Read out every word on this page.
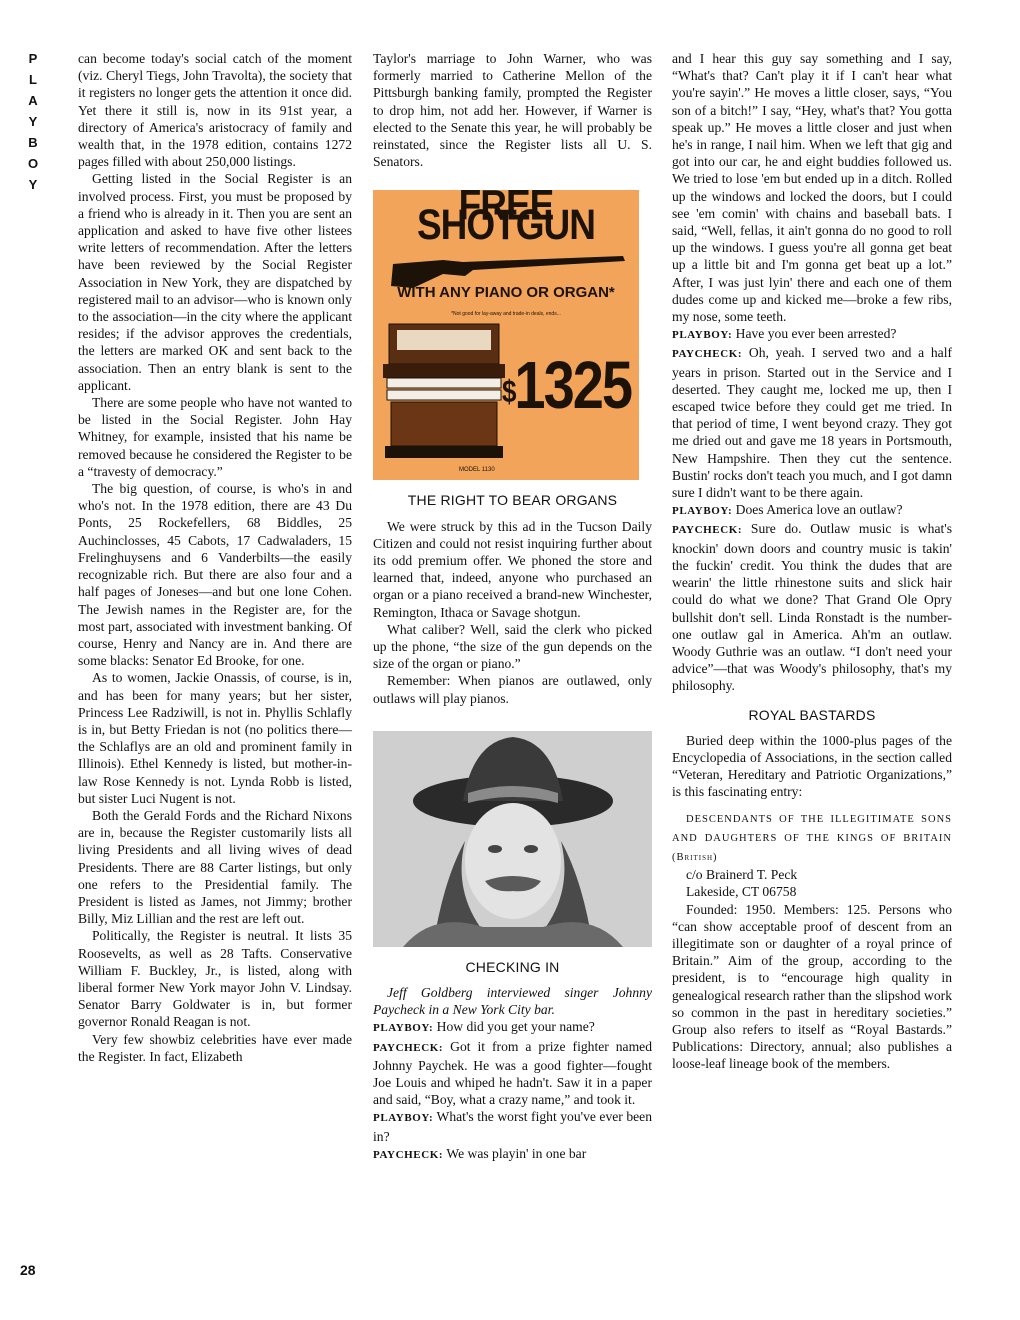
P
L
A
Y
B
O
Y
28

can become today's social catch of the moment (viz. Cheryl Tiegs, John Travolta), the society that it registers no longer gets the attention it once did. Yet there it still is, now in its 91st year, a directory of America's aristocracy of family and wealth that, in the 1978 edition, contains 1272 pages filled with about 250,000 listings.

Getting listed in the Social Register is an involved process. First, you must be proposed by a friend who is already in it. Then you are sent an application and asked to have five other listees write letters of recommendation. After the letters have been reviewed by the Social Register Association in New York, they are dispatched by registered mail to an advisor—who is known only to the association—in the city where the applicant resides; if the advisor approves the credentials, the letters are marked OK and sent back to the association. Then an entry blank is sent to the applicant.

There are some people who have not wanted to be listed in the Social Register. John Hay Whitney, for example, insisted that his name be removed because he considered the Register to be a “travesty of democracy.”

The big question, of course, is who's in and who's not. In the 1978 edition, there are 43 Du Ponts, 25 Rockefellers, 68 Biddles, 25 Auchinclosses, 45 Cabots, 17 Cadwaladers, 15 Frelinghuysens and 6 Vanderbilts—the easily recognizable rich. But there are also four and a half pages of Joneses—and but one lone Cohen. The Jewish names in the Register are, for the most part, associated with investment banking. Of course, Henry and Nancy are in. And there are some blacks: Senator Ed Brooke, for one.

As to women, Jackie Onassis, of course, is in, and has been for many years; but her sister, Princess Lee Radziwill, is not in. Phyllis Schlafly is in, but Betty Friedan is not (no politics there—the Schlaflys are an old and prominent family in Illinois). Ethel Kennedy is listed, but mother-in-law Rose Kennedy is not. Lynda Robb is listed, but sister Luci Nugent is not.

Both the Gerald Fords and the Richard Nixons are in, because the Register customarily lists all living Presidents and all living wives of dead Presidents. There are 88 Carter listings, but only one refers to the Presidential family. The President is listed as James, not Jimmy; brother Billy, Miz Lillian and the rest are left out.

Politically, the Register is neutral. It lists 35 Roosevelts, as well as 28 Tafts. Conservative William F. Buckley, Jr., is listed, along with liberal former New York mayor John V. Lindsay. Senator Barry Goldwater is in, but former governor Ronald Reagan is not.

Very few showbiz celebrities have ever made the Register. In fact, Elizabeth

Taylor's marriage to John Warner, who was formerly married to Catherine Mellon of the Pittsburgh banking family, prompted the Register to drop him, not add her. However, if Warner is elected to the Senate this year, he will probably be reinstated, since the Register lists all U. S. Senators.

FREE SHOTGUN
WITH ANY PIANO OR ORGAN*
*Not good for lay-away and trade-in deals, ends...
$1325
MODEL 1130
THE RIGHT TO BEAR ORGANS

We were struck by this ad in the Tucson Daily Citizen and could not resist inquiring further about its odd premium offer. We phoned the store and learned that, indeed, anyone who purchased an organ or a piano received a brand-new Winchester, Remington, Ithaca or Savage shotgun.

What caliber? Well, said the clerk who picked up the phone, “the size of the gun depends on the size of the organ or piano.”

Remember: When pianos are outlawed, only outlaws will play pianos.

CHECKING IN

Jeff Goldberg interviewed singer Johnny Paycheck in a New York City bar.

PLAYBOY: How did you get your name?

PAYCHECK: Got it from a prize fighter named Johnny Paychek. He was a good fighter—fought Joe Louis and whiped he hadn't. Saw it in a paper and said, “Boy, what a crazy name,” and took it.

PLAYBOY: What's the worst fight you've ever been in?

PAYCHECK: We was playin' in one bar

and I hear this guy say something and I say, “What's that? Can't play it if I can't hear what you're sayin'.” He moves a little closer, says, “You son of a bitch!” I say, “Hey, what's that? You gotta speak up.” He moves a little closer and just when he's in range, I nail him. When we left that gig and got into our car, he and eight buddies followed us. We tried to lose 'em but ended up in a ditch. Rolled up the windows and locked the doors, but I could see 'em comin' with chains and baseball bats. I said, “Well, fellas, it ain't gonna do no good to roll up the windows. I guess you're all gonna get beat up a little bit and I'm gonna get beat up a lot.” After, I was just lyin' there and each one of them dudes come up and kicked me—broke a few ribs, my nose, some teeth.

PLAYBOY: Have you ever been arrested?

PAYCHECK: Oh, yeah. I served two and a half years in prison. Started out in the Service and I deserted. They caught me, locked me up, then I escaped twice before they could get me tried. In that period of time, I went beyond crazy. They got me dried out and gave me 18 years in Portsmouth, New Hampshire. Then they cut the sentence. Bustin' rocks don't teach you much, and I got damn sure I didn't want to be there again.

PLAYBOY: Does America love an outlaw?

PAYCHECK: Sure do. Outlaw music is what's knockin' down doors and country music is takin' the fuckin' credit. You think the dudes that are wearin' the little rhinestone suits and slick hair could do what we done? That Grand Ole Opry bullshit don't sell. Linda Ronstadt is the number-one outlaw gal in America. Ah'm an outlaw. Woody Guthrie was an outlaw. “I don't need your advice”—that was Woody's philosophy, that's my philosophy.

ROYAL BASTARDS

Buried deep within the 1000-plus pages of the Encyclopedia of Associations, in the section called “Veteran, Hereditary and Patriotic Organizations,” is this fascinating entry:

DESCENDANTS OF THE ILLEGITIMATE SONS AND DAUGHTERS OF THE KINGS OF BRITAIN (British)

c/o Brainerd T. Peck

Lakeside, CT 06758

Founded: 1950. Members: 125. Persons who “can show acceptable proof of descent from an illegitimate son or daughter of a royal prince of Britain.” Aim of the group, according to the president, is to “encourage high quality in genealogical research rather than the slipshod work so common in the past in hereditary societies.” Group also refers to itself as “Royal Bastards.” Publications: Directory, annual; also publishes a loose-leaf lineage book of the members.
